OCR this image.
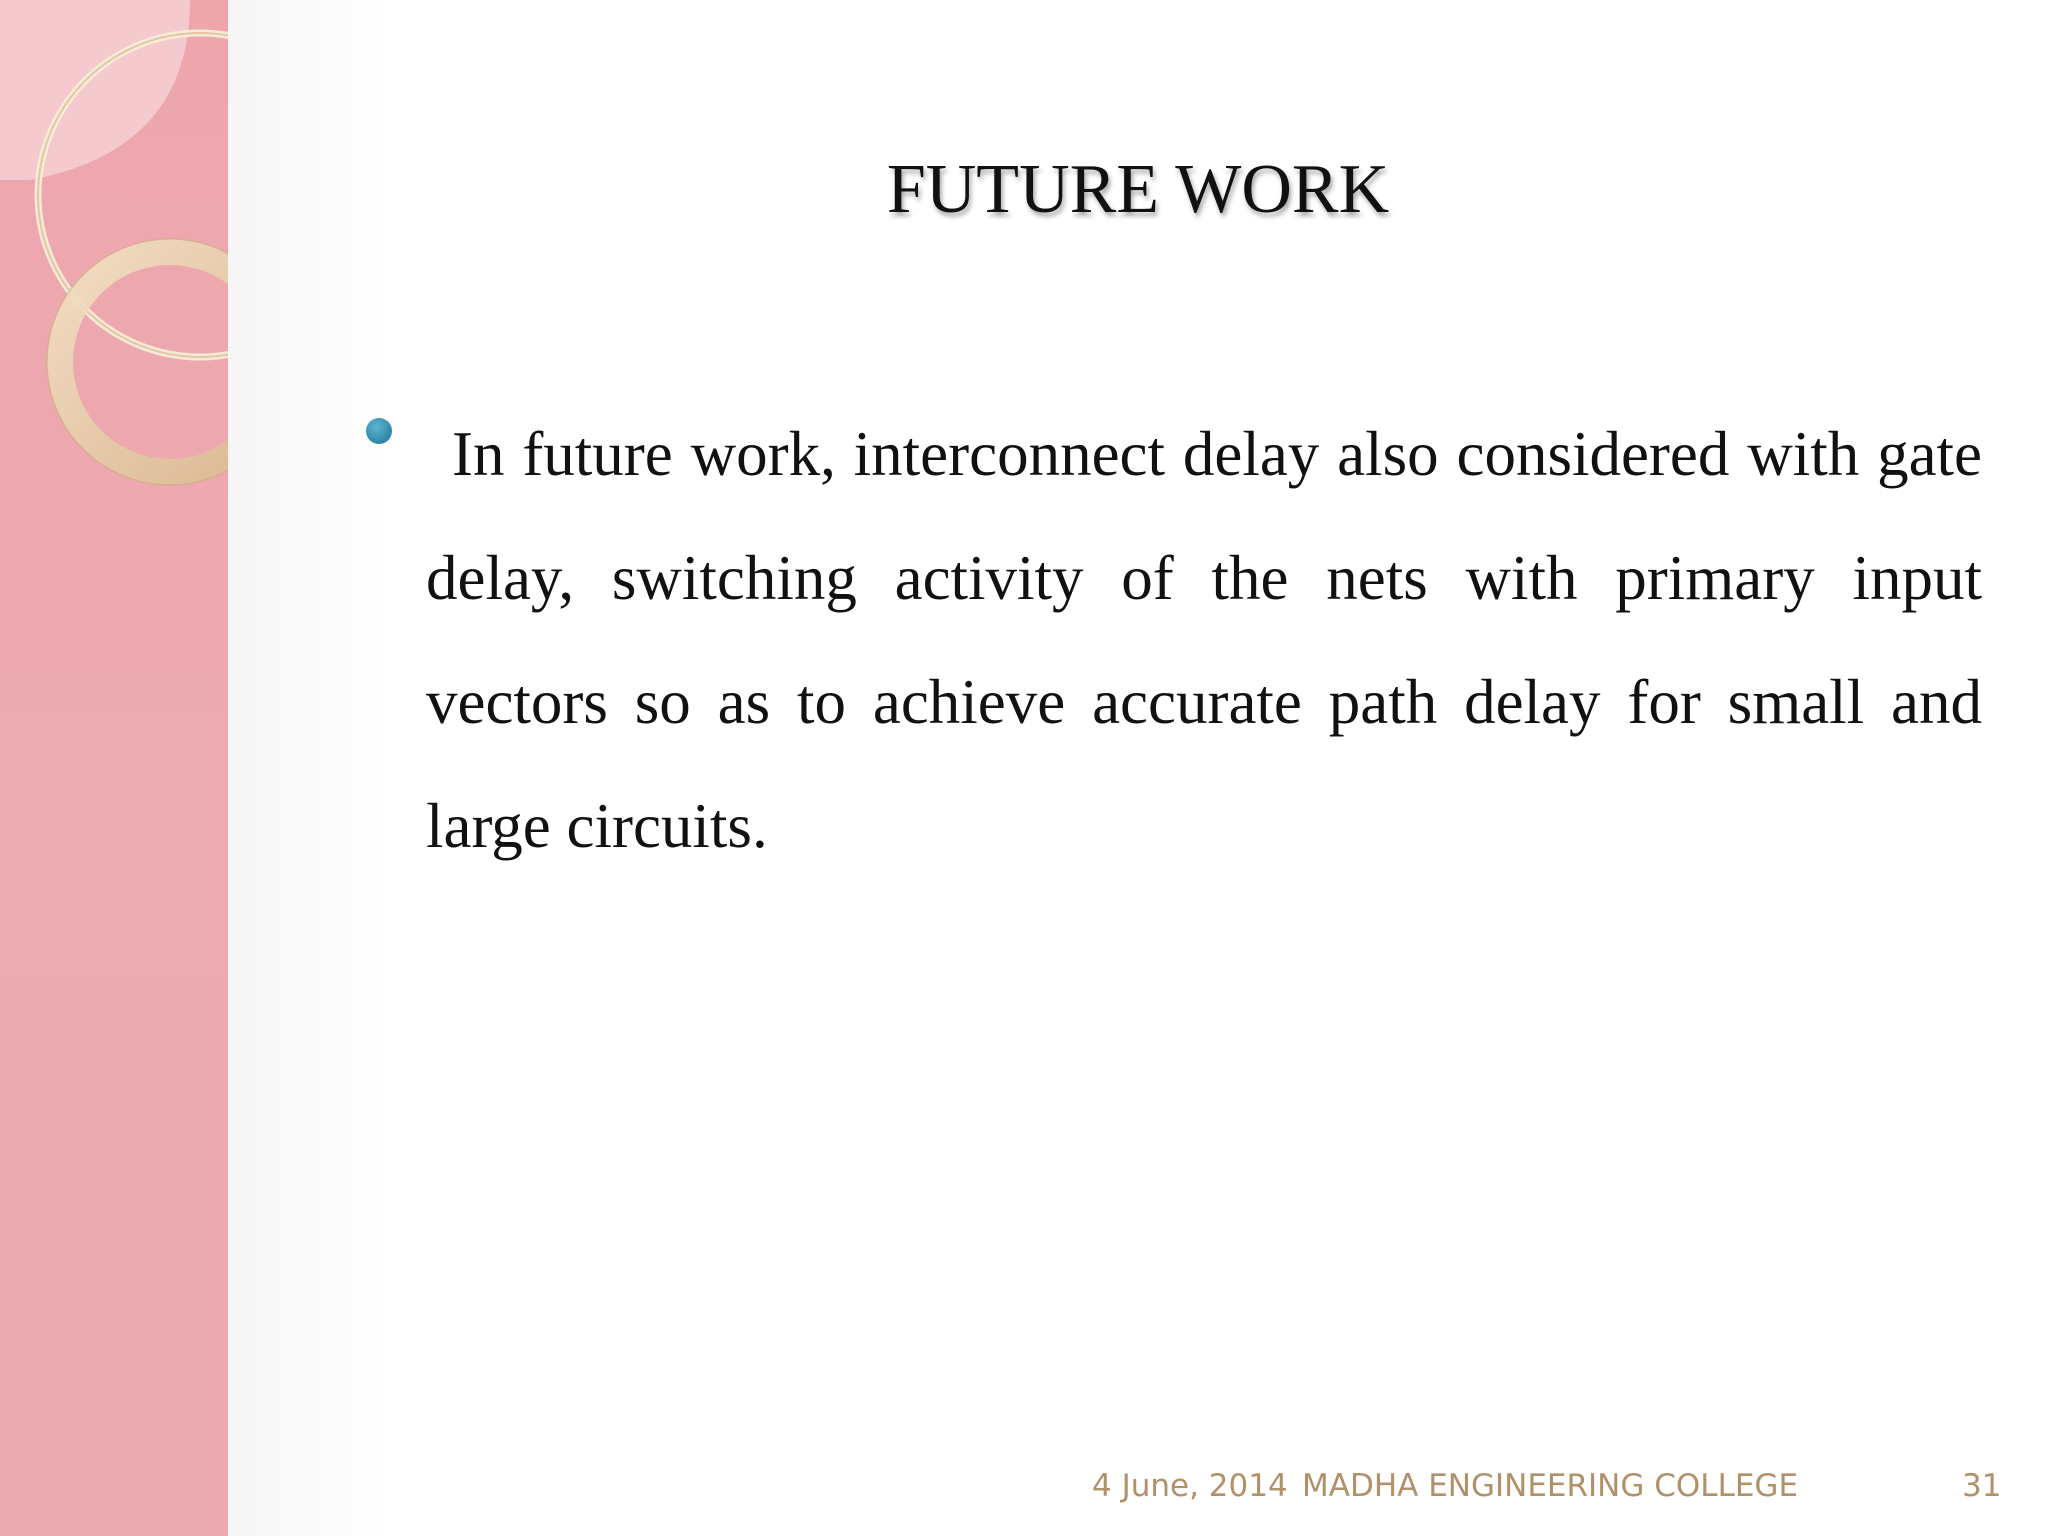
FUTURE WORK

In future work, interconnect delay also considered with gate delay, switching activity of the nets with primary input vectors so as to achieve accurate path delay for small and large circuits.

4 June, 2014 MADHA ENGINEERING COLLEGE	31
